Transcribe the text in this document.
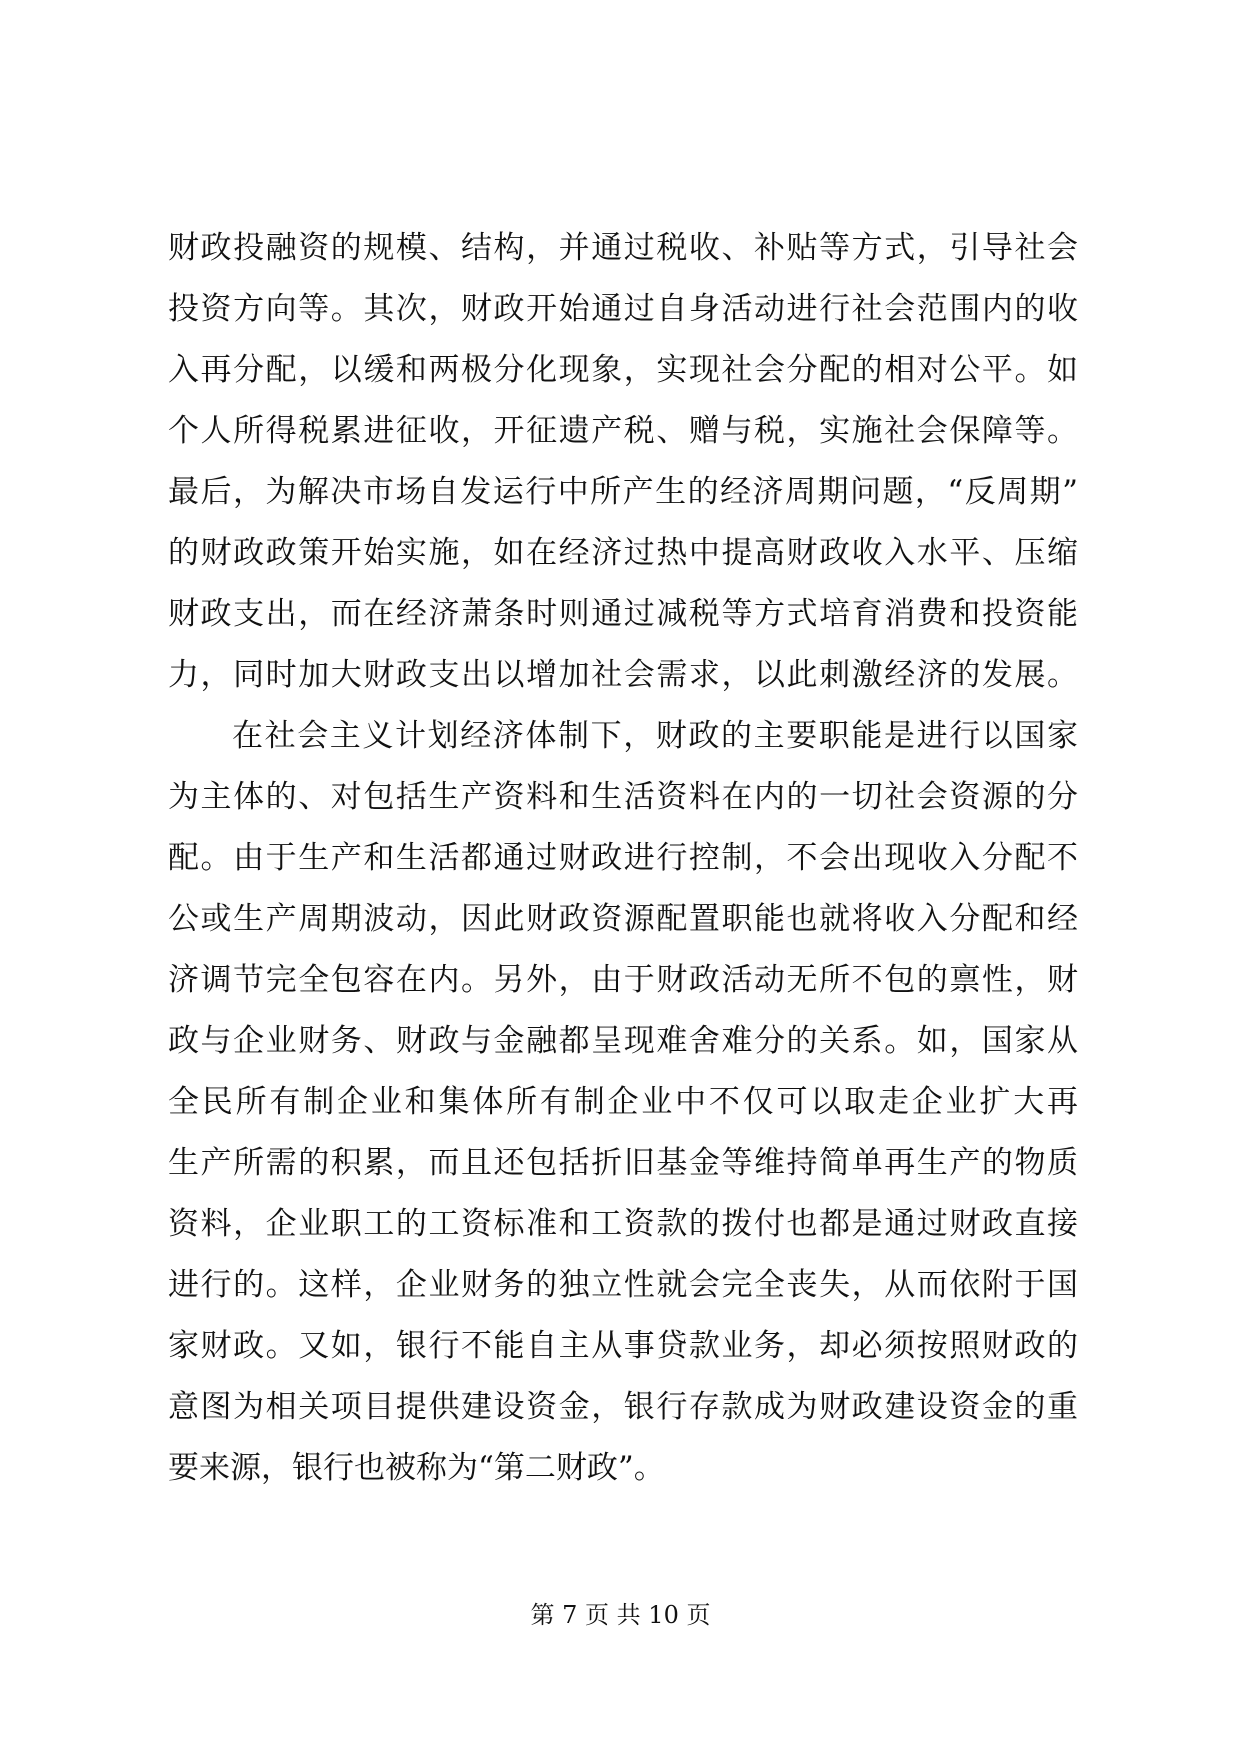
财政投融资的规模、结构，并通过税收、补贴等方式，引导社会
投资方向等。其次，财政开始通过自身活动进行社会范围内的收
入再分配，以缓和两极分化现象，实现社会分配的相对公平。如
个人所得税累进征收，开征遗产税、赠与税，实施社会保障等。
最后，为解决市场自发运行中所产生的经济周期问题，“反周期”
的财政政策开始实施，如在经济过热中提高财政收入水平、压缩
财政支出，而在经济萧条时则通过减税等方式培育消费和投资能
力，同时加大财政支出以增加社会需求，以此刺激经济的发展。
在社会主义计划经济体制下，财政的主要职能是进行以国家
为主体的、对包括生产资料和生活资料在内的一切社会资源的分
配。由于生产和生活都通过财政进行控制，不会出现收入分配不
公或生产周期波动，因此财政资源配置职能也就将收入分配和经
济调节完全包容在内。另外，由于财政活动无所不包的禀性，财
政与企业财务、财政与金融都呈现难舍难分的关系。如，国家从
全民所有制企业和集体所有制企业中不仅可以取走企业扩大再
生产所需的积累，而且还包括折旧基金等维持简单再生产的物质
资料，企业职工的工资标准和工资款的拨付也都是通过财政直接
进行的。这样，企业财务的独立性就会完全丧失，从而依附于国
家财政。又如，银行不能自主从事贷款业务，却必须按照财政的
意图为相关项目提供建设资金，银行存款成为财政建设资金的重
要来源，银行也被称为“第二财政”。
第 7 页 共 10 页
